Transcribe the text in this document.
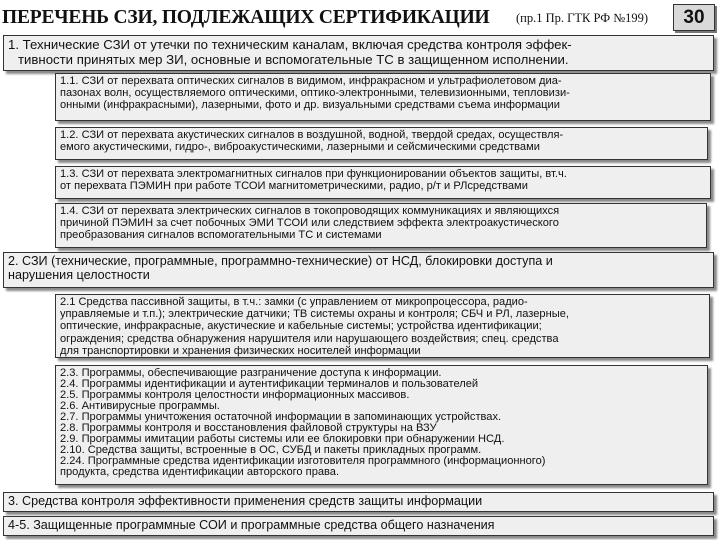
ПЕРЕЧЕНЬ СЗИ, ПОДЛЕЖАЩИХ СЕРТИФИКАЦИИ (пр.1 Пр. ГТК РФ №199)	30

1. Технические СЗИ от утечки по техническим каналам, включая средства контроля эффек-

тивности принятых мер ЗИ, основные и вспомогательные ТС в защищенном исполнении.

1.1. СЗИ от перехвата оптических сигналов в видимом, инфракрасном и ультрафиолетовом диа-

пазонах волн, осуществляемого оптическими, оптико-электронными, телевизионными, тепловизи-

онными (инфракрасными), лазерными, фото и др. визуальными средствами съема информации

1.2. СЗИ от перехвата акустических сигналов в воздушной, водной, твердой средах, осуществля-

емого акустическими, гидро-, виброакустическими, лазерными и сейсмическими средствами

1.3. СЗИ от перехвата электромагнитных сигналов при функционировании объектов защиты, вт.ч.

от перехвата ПЭМИН при работе ТСОИ магнитометрическими, радио, р/т и РЛсредствами

1.4. СЗИ от перехвата электрических сигналов в токопроводящих коммуникациях и являющихся

причиной ПЭМИН за счет побочных ЭМИ ТСОИ или следствием эффекта электроакустического

преобразования сигналов вспомогательными ТС и системами

2. СЗИ (технические, программные, программно-технические) от НСД, блокировки доступа и

нарушения целостности

2.1 Средства пассивной защиты, в т.ч.: замки (с управлением от микропроцессора, радио-

управляемые и т.п.); электрические датчики; ТВ системы охраны и контроля; СБЧ и РЛ, лазерные,

оптические, инфракрасные, акустические и кабельные системы; устройства идентификации;

ограждения; средства обнаружения нарушителя или нарушающего воздействия; спец. средства

для транспортировки и хранения физических носителей информации

2.3. Программы, обеспечивающие разграничение доступа к информации.

2.4. Программы идентификации и аутентификации терминалов и пользователей

2.5. Программы контроля целостности информационных массивов.

2.6. Антивирусные программы.

2.7. Программы уничтожения остаточной информации в запоминающих устройствах.

2.8. Программы контроля и восстановления файловой структуры на ВЗУ

2.9. Программы имитации работы системы или ее блокировки при обнаружении НСД.

2.10. Средства защиты, встроенные в ОС, СУБД и пакеты прикладных программ.

2.24. Программные средства идентификации изготовителя программного (информационного)

продукта, средства идентификации авторского права.

3. Средства контроля эффективности применения средств защиты информации

4-5. Защищенные программные СОИ и программные средства общего назначения
